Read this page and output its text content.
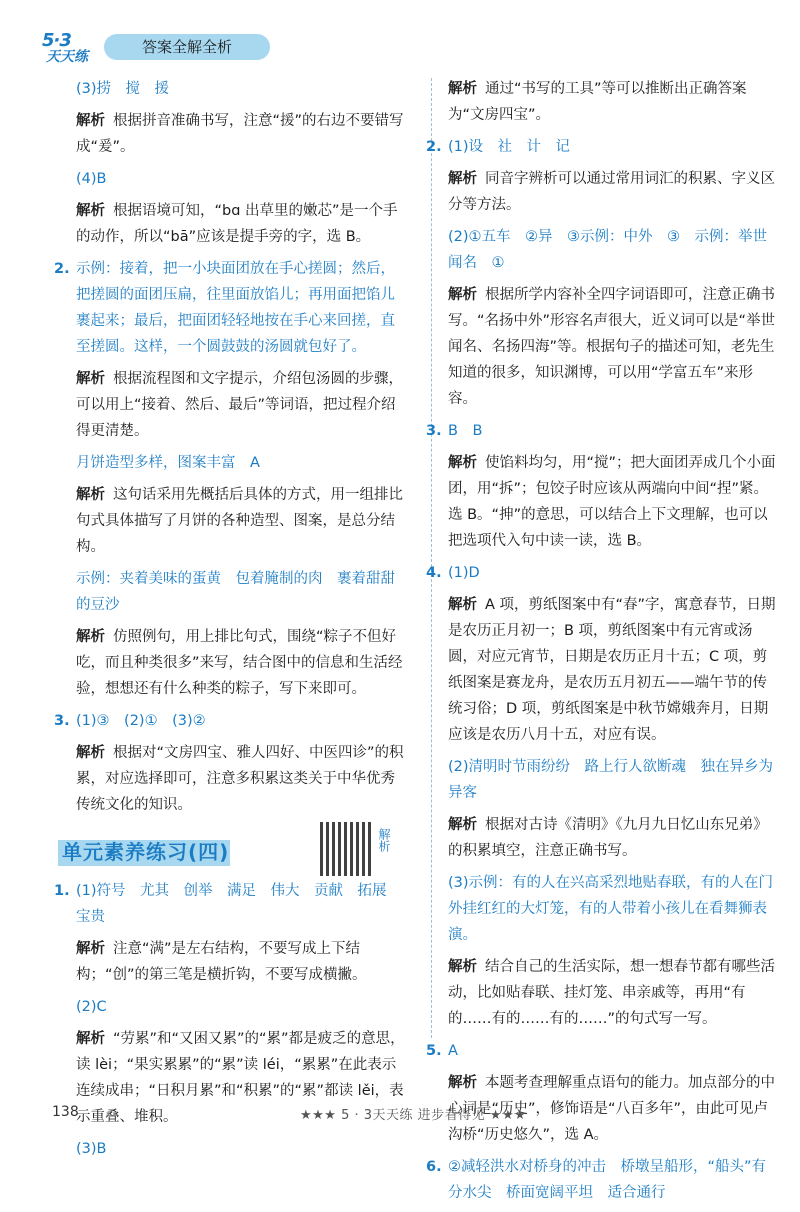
5·3
天天练
答案全解全析

(3)捞　搅　援

解析 根据拼音准确书写，注意“援”的右边不要错写成“爰”。

(4)B

解析 根据语境可知，“bɑ 出草里的嫩芯”是一个手的动作，所以“bā”应该是提手旁的字，选 B。

2. 示例：接着，把一小块面团放在手心搓圆；然后，把搓圆的面团压扁，往里面放馅儿；再用面把馅儿裹起来；最后，把面团轻轻地按在手心来回搓，直至搓圆。这样，一个圆鼓鼓的汤圆就包好了。

解析 根据流程图和文字提示，介绍包汤圆的步骤，可以用上“接着、然后、最后”等词语，把过程介绍得更清楚。

月饼造型多样，图案丰富　A

解析 这句话采用先概括后具体的方式，用一组排比句式具体描写了月饼的各种造型、图案，是总分结构。

示例：夹着美味的蛋黄　包着腌制的肉　裹着甜甜的豆沙

解析 仿照例句，用上排比句式，围绕“粽子不但好吃，而且种类很多”来写，结合图中的信息和生活经验，想想还有什么种类的粽子，写下来即可。

3. (1)③　(2)①　(3)②

解析 根据对“文房四宝、雅人四好、中医四诊”的积累，对应选择即可，注意多积累这类关于中华优秀传统文化的知识。

单元素养练习(四)	解析

1. (1)符号　尤其　创举　满足　伟大　贡献　拓展　宝贵

解析 注意“满”是左右结构，不要写成上下结构；“创”的第三笔是横折钩，不要写成横撇。

(2)C

解析 “劳累”和“又困又累”的“累”都是疲乏的意思，读 lèi；“果实累累”的“累”读 léi，“累累”在此表示连续成串；“日积月累”和“积累”的“累”都读 lěi，表示重叠、堆积。

(3)B

解析 通过“书写的工具”等可以推断出正确答案为“文房四宝”。

2. (1)设　社　计　记

解析 同音字辨析可以通过常用词汇的积累、字义区分等方法。

(2)①五车　②异　③示例：中外　③　示例：举世闻名　①

解析 根据所学内容补全四字词语即可，注意正确书写。“名扬中外”形容名声很大，近义词可以是“举世闻名、名扬四海”等。根据句子的描述可知，老先生知道的很多，知识渊博，可以用“学富五车”来形容。

3. B　B

解析 使馅料均匀，用“搅”；把大面团弄成几个小面团，用“拆”；包饺子时应该从两端向中间“捏”紧。选 B。“抻”的意思，可以结合上下文理解，也可以把选项代入句中读一读，选 B。

4. (1)D

解析 A 项，剪纸图案中有“春”字，寓意春节，日期是农历正月初一；B 项，剪纸图案中有元宵或汤圆，对应元宵节，日期是农历正月十五；C 项，剪纸图案是赛龙舟，是农历五月初五——端午节的传统习俗；D 项，剪纸图案是中秋节嫦娥奔月，日期应该是农历八月十五，对应有误。

(2)清明时节雨纷纷　路上行人欲断魂　独在异乡为异客

解析 根据对古诗《清明》《九月九日忆山东兄弟》的积累填空，注意正确书写。

(3)示例：有的人在兴高采烈地贴春联，有的人在门外挂红红的大灯笼，有的人带着小孩儿在看舞狮表演。

解析 结合自己的生活实际，想一想春节都有哪些活动，比如贴春联、挂灯笼、串亲戚等，再用“有的……有的……有的……”的句式写一写。

5. A

解析 本题考查理解重点语句的能力。加点部分的中心词是“历史”，修饰语是“八百多年”，由此可见卢沟桥“历史悠久”，选 A。

6. ②减轻洪水对桥身的冲击　桥墩呈船形，“船头”有分水尖　桥面宽阔平坦　适合通行

138	★★★ 5 · 3天天练 进步看得见 ★★★
